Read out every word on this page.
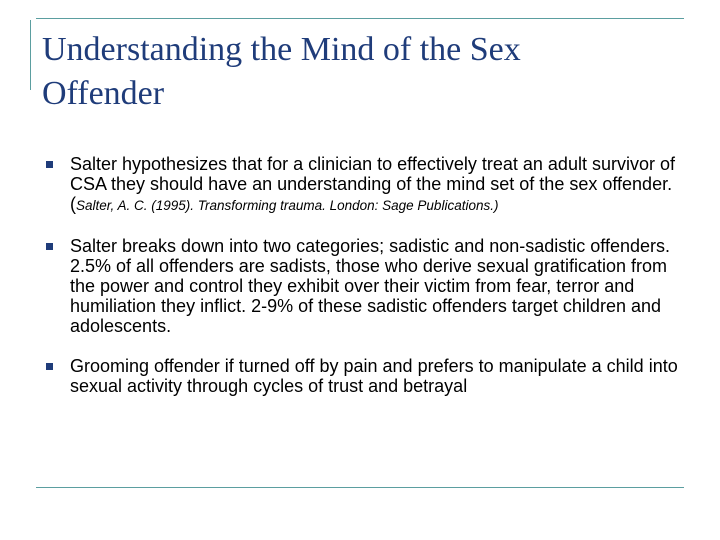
Understanding the Mind of the Sex Offender
Salter hypothesizes that for a clinician to effectively treat an adult survivor of CSA they should have an understanding of the mind set of the sex offender. (Salter, A. C. (1995). Transforming trauma. London: Sage Publications.)
Salter breaks down into two categories; sadistic and non-sadistic offenders. 2.5% of all offenders are sadists, those who derive sexual gratification from the power and control they exhibit over their victim from fear, terror and humiliation they inflict. 2-9% of these sadistic offenders target children and adolescents.
Grooming offender if turned off by pain and prefers to manipulate a child into sexual activity through cycles of trust and betrayal
